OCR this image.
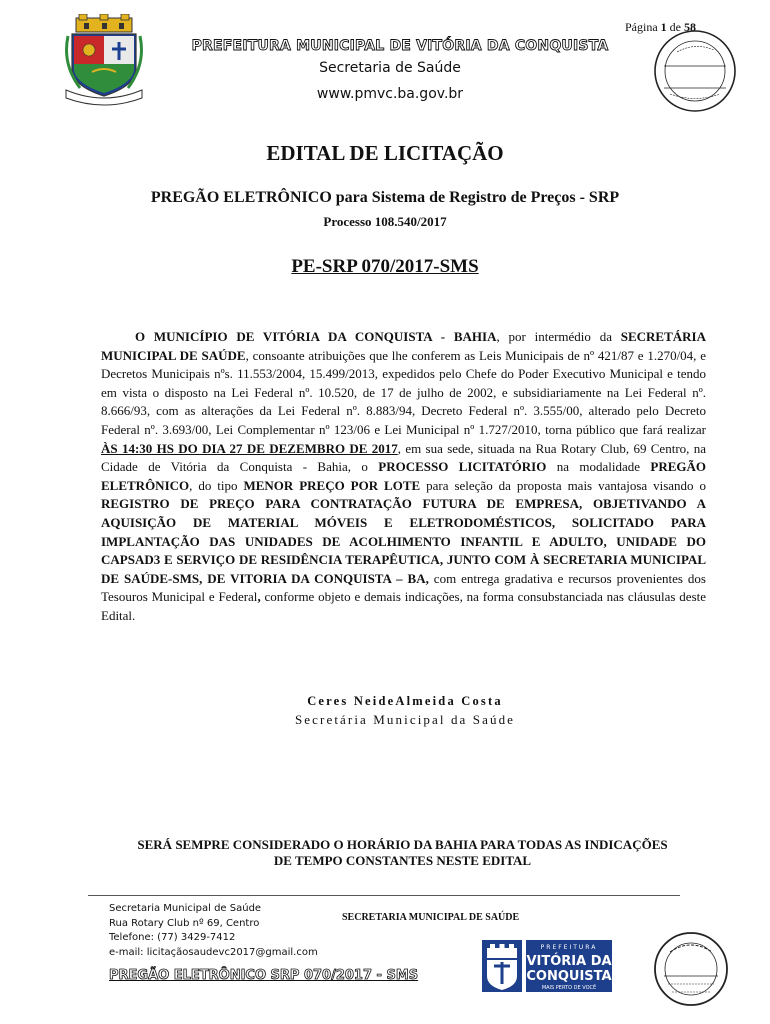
Página 1 de 58
PREFEITURA MUNICIPAL DE VITÓRIA DA CONQUISTA
Secretaria de Saúde
www.pmvc.ba.gov.br
EDITAL DE LICITAÇÃO
PREGÃO ELETRÔNICO para Sistema de Registro de Preços - SRP
Processo 108.540/2017
PE-SRP 070/2017-SMS
O MUNICÍPIO DE VITÓRIA DA CONQUISTA - BAHIA, por intermédio da SECRETÁRIA MUNICIPAL DE SAÚDE, consoante atribuições que lhe conferem as Leis Municipais de nº 421/87 e 1.270/04, e Decretos Municipais nºs. 11.553/2004, 15.499/2013, expedidos pelo Chefe do Poder Executivo Municipal e tendo em vista o disposto na Lei Federal nº. 10.520, de 17 de julho de 2002, e subsidiariamente na Lei Federal nº. 8.666/93, com as alterações da Lei Federal nº. 8.883/94, Decreto Federal nº. 3.555/00, alterado pelo Decreto Federal nº. 3.693/00, Lei Complementar nº 123/06 e Lei Municipal nº 1.727/2010, torna público que fará realizar ÀS 14:30 HS DO DIA 27 DE DEZEMBRO DE 2017, em sua sede, situada na Rua Rotary Club, 69 Centro, na Cidade de Vitória da Conquista - Bahia, o PROCESSO LICITATÓRIO na modalidade PREGÃO ELETRÔNICO, do tipo MENOR PREÇO POR LOTE para seleção da proposta mais vantajosa visando o REGISTRO DE PREÇO PARA CONTRATAÇÃO FUTURA DE EMPRESA, OBJETIVANDO A AQUISIÇÃO DE MATERIAL MÓVEIS E ELETRODOMÉSTICOS, SOLICITADO PARA IMPLANTAÇÃO DAS UNIDADES DE ACOLHIMENTO INFANTIL E ADULTO, UNIDADE DO CAPSAD3 E SERVIÇO DE RESIDÊNCIA TERAPÊUTICA, JUNTO COM À SECRETARIA MUNICIPAL DE SAÚDE-SMS, DE VITORIA DA CONQUISTA – BA, com entrega gradativa e recursos provenientes dos Tesouros Municipal e Federal, conforme objeto e demais indicações, na forma consubstanciada nas cláusulas deste Edital.
Ceres NeideAlmeida Costa
Secretária Municipal da Saúde
SERÁ SEMPRE CONSIDERADO O HORÁRIO DA BAHIA PARA TODAS AS INDICAÇÕES
DE TEMPO CONSTANTES NESTE EDITAL
Secretaria Municipal de Saúde
Rua Rotary Club nº 69, Centro
Telefone: (77) 3429-7412
e-mail: licitaçãosaudevc2017@gmail.com
SECRETARIA MUNICIPAL DE SAÚDE
PREFEITURA
VITÓRIA DA
CONQUISTA
MAIS PERTO DE VOCÊ
PREGÃO ELETRÔNICO SRP 070/2017 - SMS
